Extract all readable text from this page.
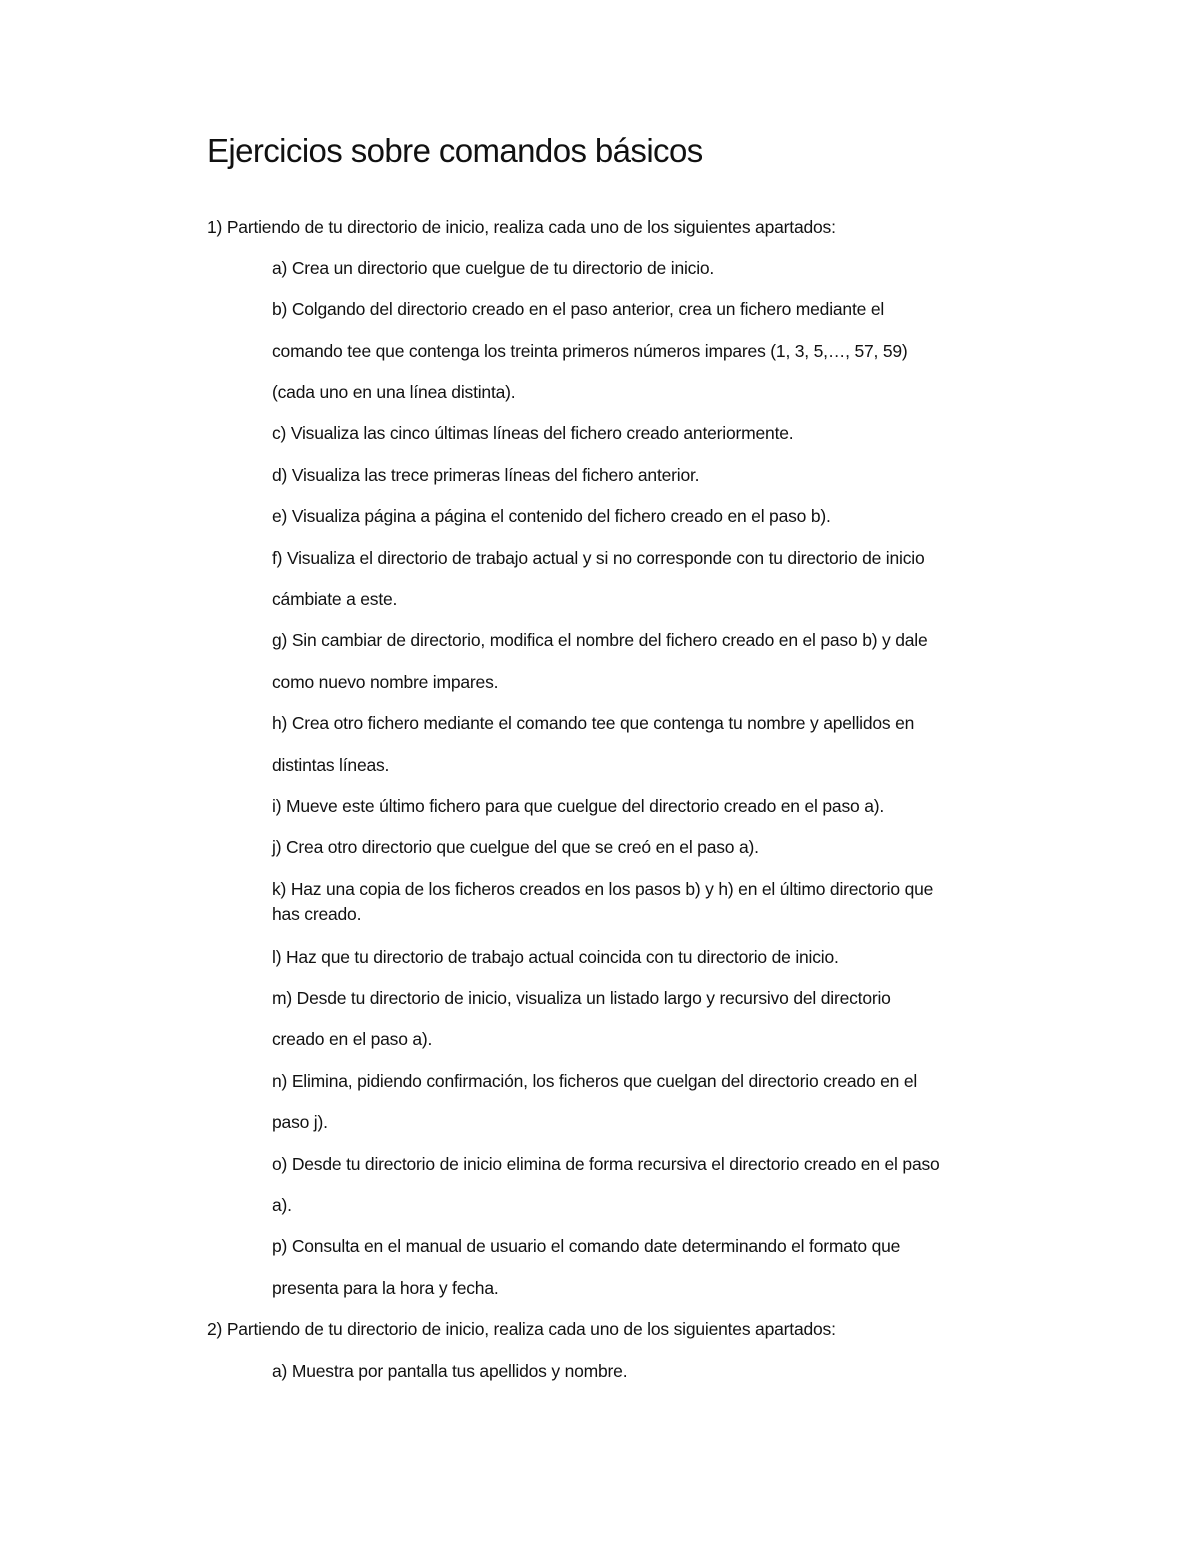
Ejercicios sobre comandos básicos
1) Partiendo de tu directorio de inicio, realiza cada uno de los siguientes apartados:
a) Crea un directorio que cuelgue de tu directorio de inicio.
b) Colgando del directorio creado en el paso anterior, crea un fichero mediante el
comando tee que contenga los treinta primeros números impares (1, 3, 5,…, 57, 59)
(cada uno en una línea distinta).
c) Visualiza las cinco últimas líneas del fichero creado anteriormente.
d) Visualiza las trece primeras líneas del fichero anterior.
e) Visualiza página a página el contenido del fichero creado en el paso b).
f) Visualiza el directorio de trabajo actual y si no corresponde con tu directorio de inicio
cámbiate a este.
g) Sin cambiar de directorio, modifica el nombre del fichero creado en el paso b) y dale
como nuevo nombre impares.
h) Crea otro fichero mediante el comando tee que contenga tu nombre y apellidos en
distintas líneas.
i) Mueve este último fichero para que cuelgue del directorio creado en el paso a).
j) Crea otro directorio que cuelgue del que se creó en el paso a).
k) Haz una copia de los ficheros creados en los pasos b) y h) en el último directorio que
has creado.
l) Haz que tu directorio de trabajo actual coincida con tu directorio de inicio.
m) Desde tu directorio de inicio, visualiza un listado largo y recursivo del directorio
creado en el paso a).
n) Elimina, pidiendo confirmación, los ficheros que cuelgan del directorio creado en el
paso j).
o) Desde tu directorio de inicio elimina de forma recursiva el directorio creado en el paso
a).
p) Consulta en el manual de usuario el comando date determinando el formato que
presenta para la hora y fecha.
2) Partiendo de tu directorio de inicio, realiza cada uno de los siguientes apartados:
a) Muestra por pantalla tus apellidos y nombre.
